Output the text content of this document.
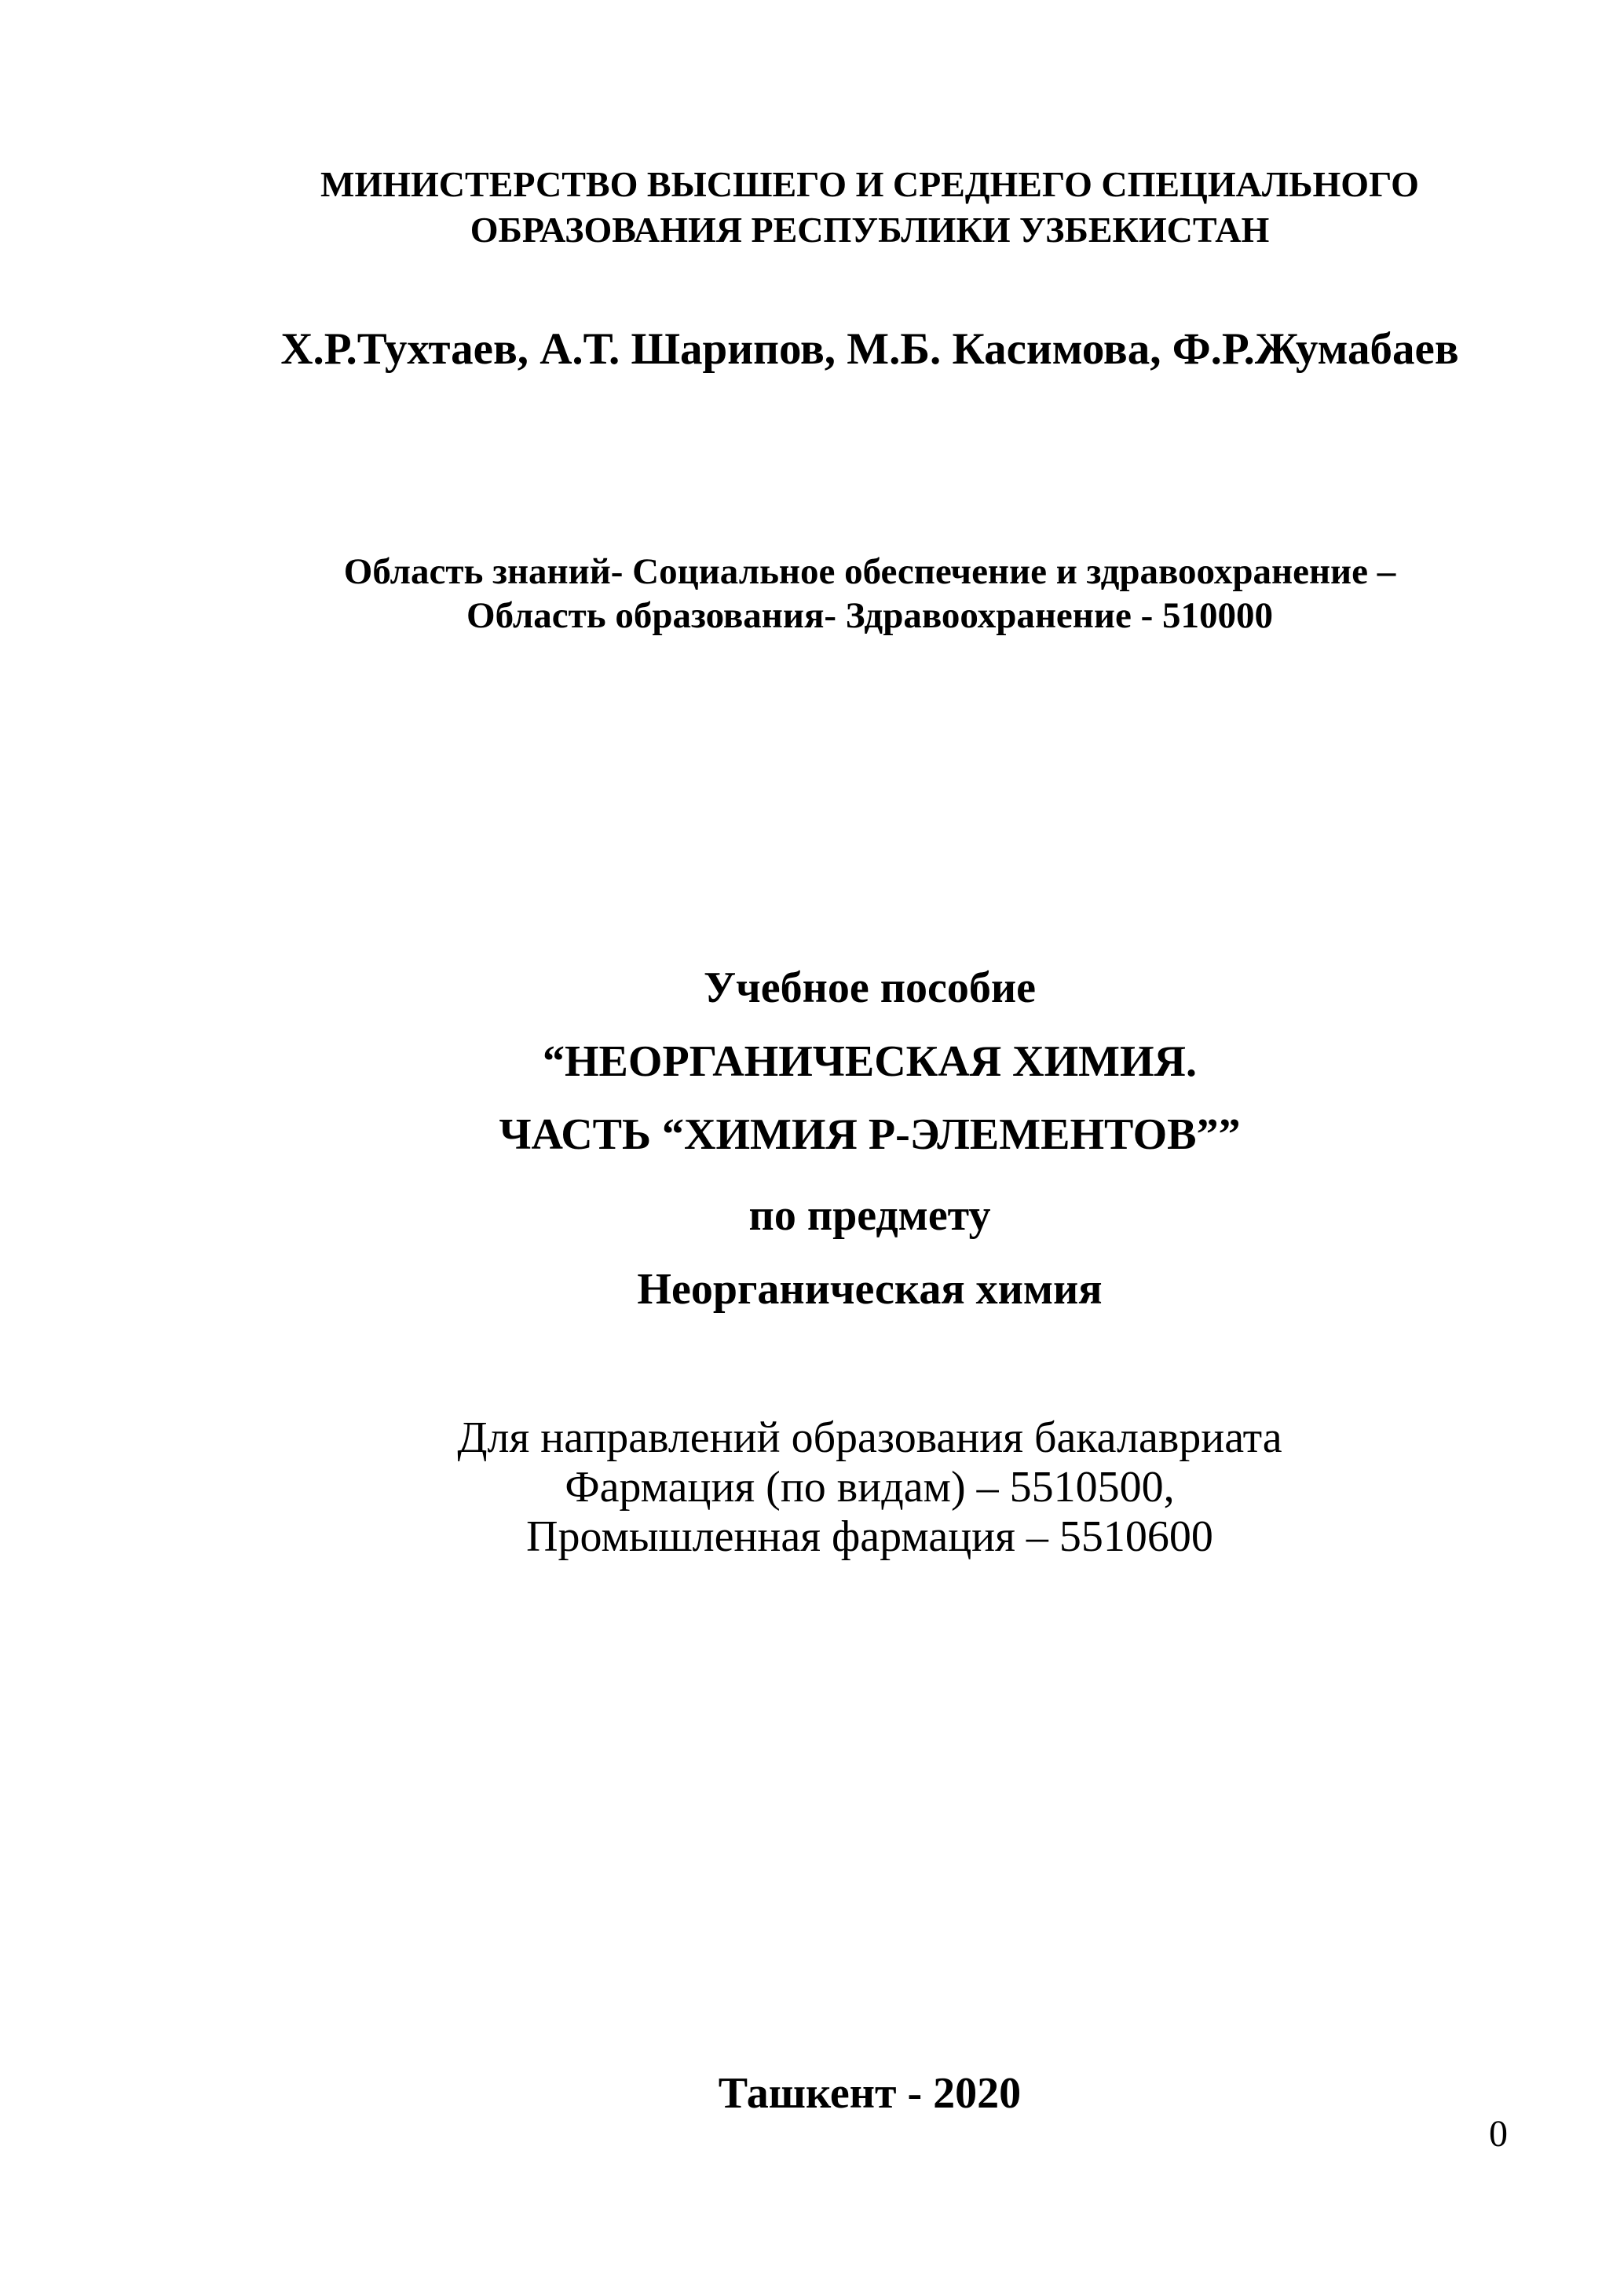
МИНИСТЕРСТВО ВЫСШЕГО И СРЕДНЕГО СПЕЦИАЛЬНОГО
ОБРАЗОВАНИЯ РЕСПУБЛИКИ УЗБЕКИСТАН
Х.Р.Тухтаев, А.Т. Шарипов, М.Б. Касимова, Ф.Р.Жумабаев
Область знаний- Социальное обеспечение и здравоохранение –
Область образования- Здравоохранение - 510000
Учебное пособие
“НЕОРГАНИЧЕСКАЯ ХИМИЯ.
ЧАСТЬ “ХИМИЯ Р-ЭЛЕМЕНТОВ””
по предмету
Неорганическая химия
Для направлений образования бакалавриата
Фармация (по видам) – 5510500,
Промышленная фармация – 5510600
Ташкент - 2020
0
